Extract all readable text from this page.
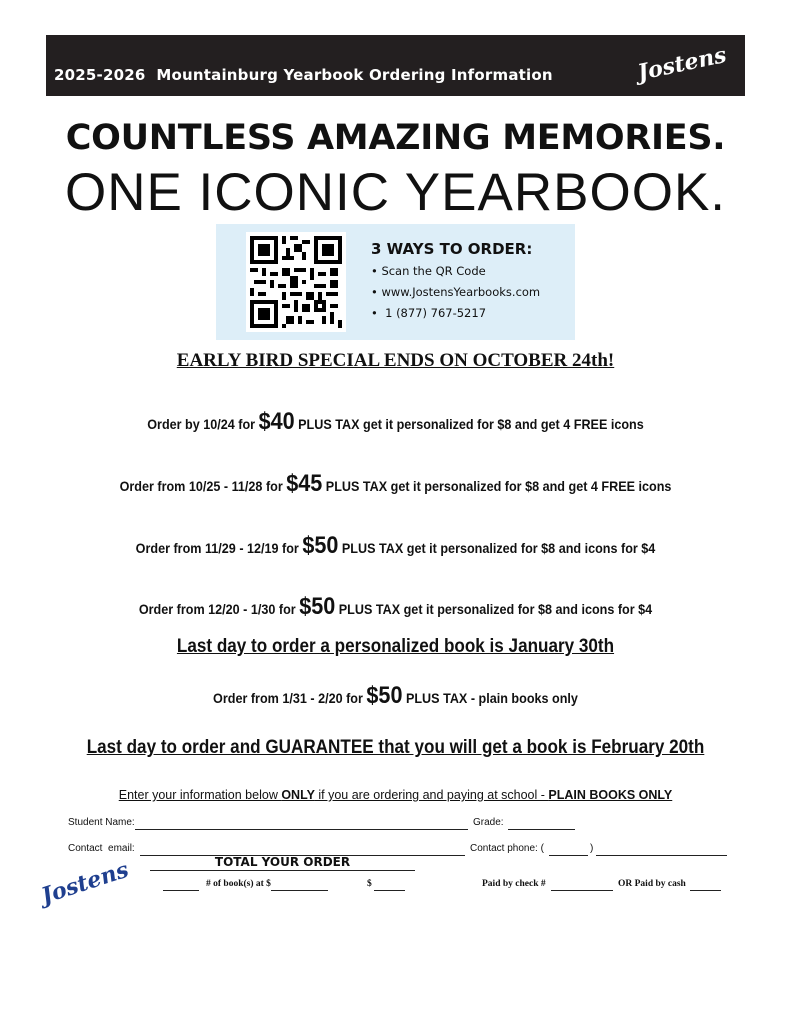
2025-2026  Mountainburg Yearbook Ordering Information	Jostens
COUNTLESS AMAZING MEMORIES.
ONE ICONIC YEARBOOK.
3 WAYS TO ORDER:
• Scan the QR Code
• www.JostensYearbooks.com
•  1 (877) 767-5217
EARLY BIRD SPECIAL ENDS ON OCTOBER 24th!
Order by 10/24 for $40 PLUS TAX get it personalized for $8 and get 4 FREE icons
Order from 10/25 - 11/28 for $45 PLUS TAX get it personalized for $8 and get 4 FREE icons
Order from 11/29 - 12/19 for $50 PLUS TAX get it personalized for $8 and icons for $4
Order from 12/20 - 1/30 for $50 PLUS TAX get it personalized for $8 and icons for $4
Last day to order a personalized book is January 30th
Order from 1/31 - 2/20 for $50 PLUS TAX - plain books only
Last day to order and GUARANTEE that you will get a book is February 20th
Enter your information below ONLY if you are ordering and paying at school - PLAIN BOOKS ONLY
Student Name:	Grade:
Contact  email:	Contact phone: (	)
TOTAL YOUR ORDER
Jostens	# of book(s) at $	$	Paid by check #	OR Paid by cash
